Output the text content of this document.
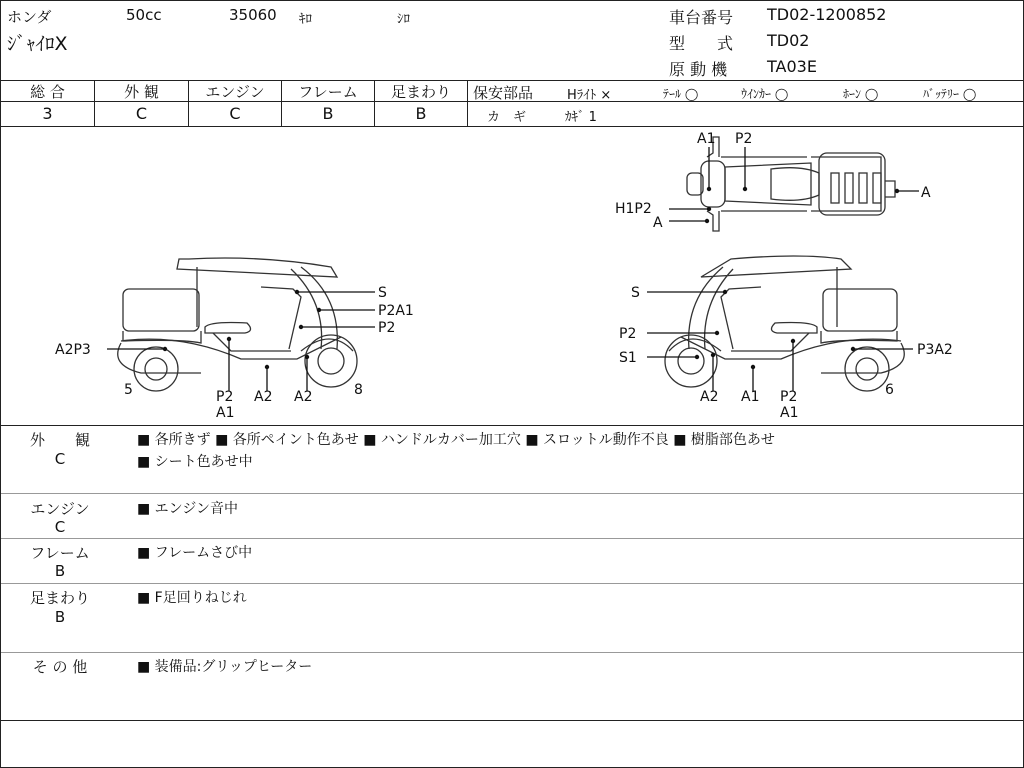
ホンダ	50cc	35060 ｷﾛ	ｼﾛ
ｼﾞｬｲﾛX
車台番号 TD02-1200852
型　　式 TD02
原 動 機 TA03E
総 合	外 観	エンジン	フレーム	足まわり
3	C	C	B	B
保安部品	Hﾗｲﾄ ×	ﾃｰﾙ ◯	ｳｲﾝｶｰ ◯	ﾎｰﾝ ◯	ﾊﾞｯﾃﾘｰ ◯
カ　ギ	ｶｷﾞ 1
A1 P2
H1P2
A
A
S
P2A1
P2
A2P3
P2
A1
A2 A2
5	8
S
P2
S1	P3A2
A2 A1 P2
A1
6
外　　観
C
■ 各所きず ■ 各所ペイント色あせ ■ ハンドルカバー加工穴 ■ スロットル動作不良 ■ 樹脂部色あせ
■ シート色あせ中
エンジン
C
■ エンジン音中
フレーム
B
■ フレームさび中
足まわり
B
■ F足回りねじれ
そ の 他	■ 装備品:グリップヒーター
